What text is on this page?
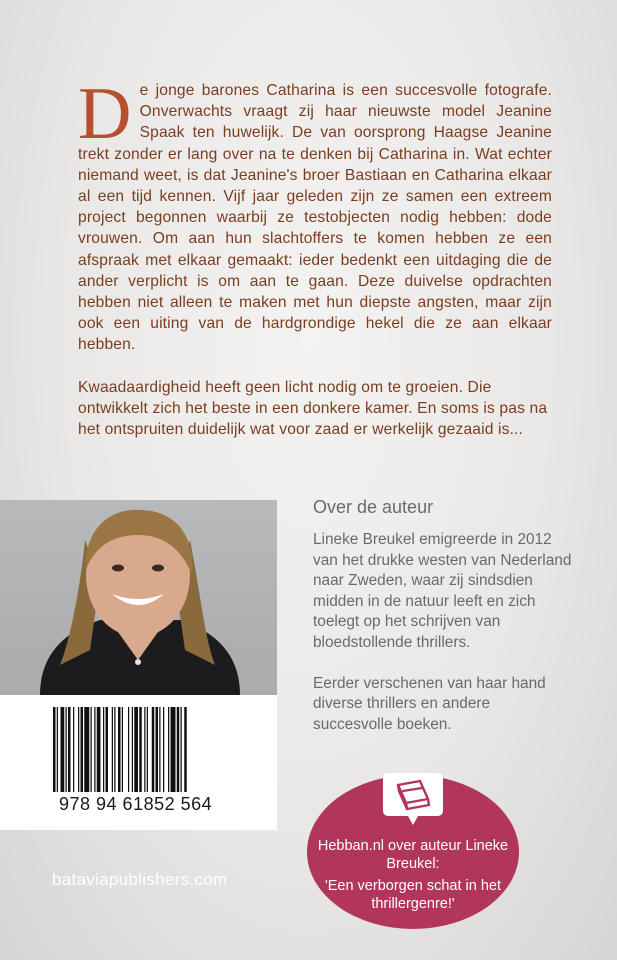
De jonge barones Catharina is een succesvolle fotografe. Onverwachts vraagt zij haar nieuwste model Jeanine Spaak ten huwelijk. De van oorsprong Haagse Jeanine trekt zonder er lang over na te denken bij Catharina in. Wat echter niemand weet, is dat Jeanine's broer Bastiaan en Catharina elkaar al een tijd kennen. Vijf jaar geleden zijn ze samen een extreem project begonnen waarbij ze testobjecten nodig hebben: dode vrouwen. Om aan hun slachtoffers te komen hebben ze een afspraak met elkaar gemaakt: ieder bedenkt een uitdaging die de ander verplicht is om aan te gaan. Deze duivelse opdrachten hebben niet alleen te maken met hun diepste angsten, maar zijn ook een uiting van de hardgrondige hekel die ze aan elkaar hebben.

Kwaadaardigheid heeft geen licht nodig om te groeien. Die ontwikkelt zich het beste in een donkere kamer. En soms is pas na het ontspruiten duidelijk wat voor zaad er werkelijk gezaaid is...

978 94 61852 564
Over de auteur

Lineke Breukel emigreerde in 2012 van het drukke westen van Nederland naar Zweden, waar zij sindsdien midden in de natuur leeft en zich toelegt op het schrijven van bloedstollende thrillers.

Eerder verschenen van haar hand diverse thrillers en andere succesvolle boeken.

bataviapublishers.com
Hebban.nl over auteur Lineke Breukel:
'Een verborgen schat in het thrillergenre!'
